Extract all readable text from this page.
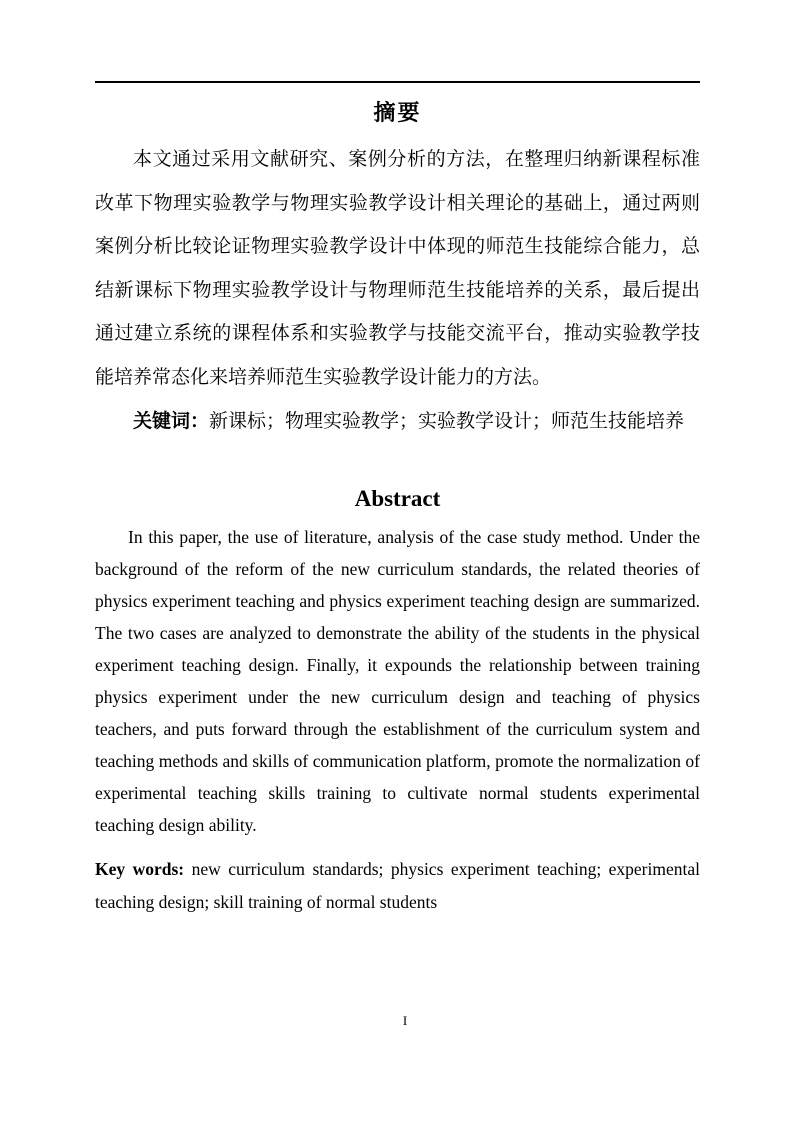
摘要

本文通过采用文献研究、案例分析的方法，在整理归纳新课程标准改革下物理实验教学与物理实验教学设计相关理论的基础上，通过两则案例分析比较论证物理实验教学设计中体现的师范生技能综合能力，总结新课标下物理实验教学设计与物理师范生技能培养的关系，最后提出通过建立系统的课程体系和实验教学与技能交流平台，推动实验教学技能培养常态化来培养师范生实验教学设计能力的方法。

关键词：新课标；物理实验教学；实验教学设计；师范生技能培养

Abstract

In this paper, the use of literature, analysis of the case study method. Under the background of the reform of the new curriculum standards, the related theories of physics experiment teaching and physics experiment teaching design are summarized. The two cases are analyzed to demonstrate the ability of the students in the physical experiment teaching design. Finally, it expounds the relationship between training physics experiment under the new curriculum design and teaching of physics teachers, and puts forward through the establishment of the curriculum system and teaching methods and skills of communication platform, promote the normalization of experimental teaching skills training to cultivate normal students experimental teaching design ability.

Key words: new curriculum standards; physics experiment teaching; experimental teaching design; skill training of normal students

I
